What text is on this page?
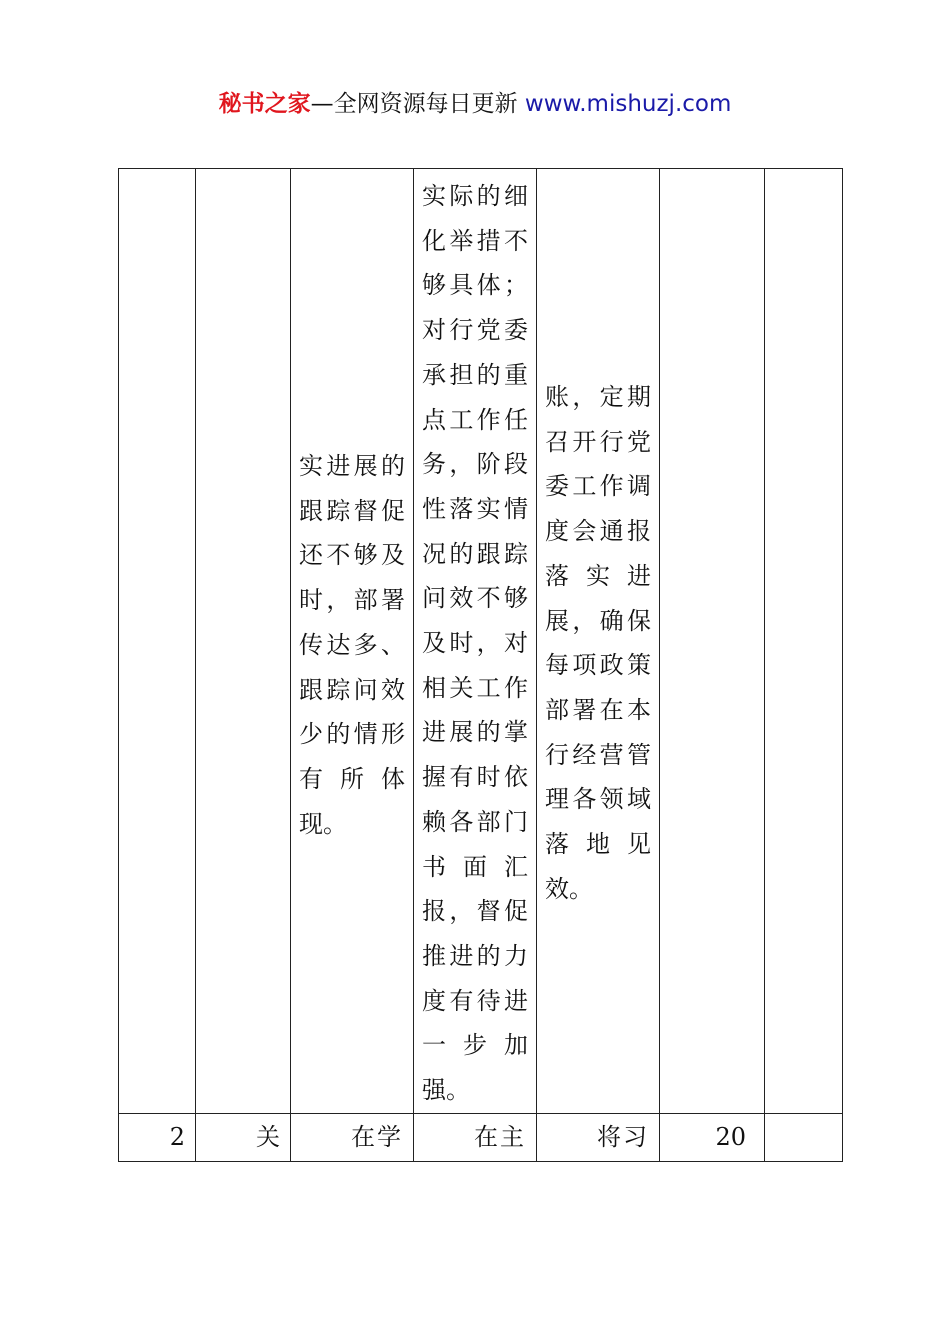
秘书之家—全网资源每日更新 www.mishuzj.com

		实进展的跟踪督促还不够及时，部署传达多、跟踪问效少的情形有所体现。	实际的细化举措不够具体；对行党委承担的重点工作任务，阶段性落实情况的跟踪问效不够及时，对相关工作进展的掌握有时依赖各部门书面汇报，督促推进的力度有待进一步加强。	账，定期召开行党委工作调度会通报落实进展，确保每项政策部署在本行经营管理各领域落地见效。		

2	关	在学	在主	将习	20	
